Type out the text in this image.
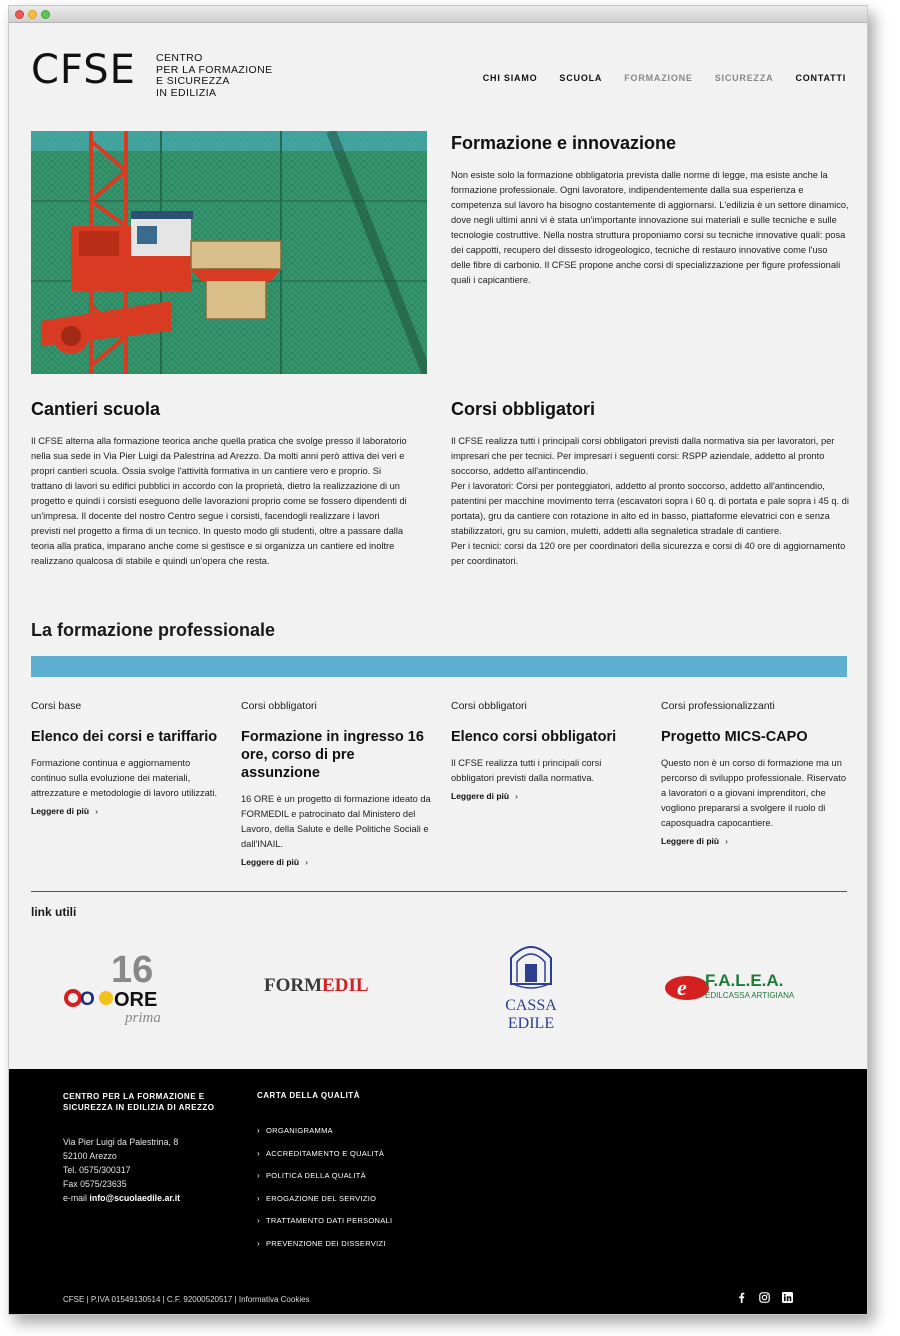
CFSE CENTRO
PER LA FORMAZIONE
E SICUREZZA
IN EDILIZIA
CHI SIAMO SCUOLA FORMAZIONE SICUREZZA CONTATTI
Formazione e innovazione
Non esiste solo la formazione obbligatoria prevista dalle norme di legge, ma esiste anche la formazione professionale. Ogni lavoratore, indipendentemente dalla sua esperienza e competenza sul lavoro ha bisogno costantemente di aggiornarsi. L'edilizia è un settore dinamico, dove negli ultimi anni vi è stata un'importante innovazione sui materiali e sulle tecniche e sulle tecnologie costruttive. Nella nostra struttura proponiamo corsi su tecniche innovative quali: posa dei cappotti, recupero del dissesto idrogeologico, tecniche di restauro innovative come l'uso delle fibre di carbonio. Il CFSE propone anche corsi di specializzazione per figure professionali quali i capicantiere.
Cantieri scuola
Il CFSE alterna alla formazione teorica anche quella pratica che svolge presso il laboratorio nella sua sede in Via Pier Luigi da Palestrina ad Arezzo. Da molti anni però attiva dei veri e propri cantieri scuola. Ossia svolge l'attività formativa in un cantiere vero e proprio. Si trattano di lavori su edifici pubblici in accordo con la proprietà, dietro la realizzazione di un progetto e quindi i corsisti eseguono delle lavorazioni proprio come se fossero dipendenti di un'impresa. Il docente del nostro Centro segue i corsisti, facendogli realizzare i lavori previsti nel progetto a firma di un tecnico. In questo modo gli studenti, oltre a passare dalla teoria alla pratica, imparano anche come si gestisce e si organizza un cantiere ed inoltre realizzano qualcosa di stabile e quindi un'opera che resta.
Corsi obbligatori
Il CFSE realizza tutti i principali corsi obbligatori previsti dalla normativa sia per lavoratori, per impresari che per tecnici. Per impresari i seguenti corsi: RSPP aziendale, addetto al pronto soccorso, addetto all'antincendio.
Per i lavoratori: Corsi per ponteggiatori, addetto al pronto soccorso, addetto all'antincendio, patentini per macchine movimento terra (escavatori sopra i 60 q. di portata e pale sopra i 45 q. di portata), gru da cantiere con rotazione in alto ed in basso, piattaforme elevatrici con e senza stabilizzatori, gru su camion, muletti, addetti alla segnaletica stradale di cantiere.
Per i tecnici: corsi da 120 ore per coordinatori della sicurezza e corsi di 40 ore di aggiornamento per coordinatori.
La formazione professionale
Corsi base
Elenco dei corsi e tariffario
Formazione continua e aggiornamento continuo sulla evoluzione dei materiali, attrezzature e metodologie di lavoro utilizzati.
Leggere di più ›
Corsi obbligatori
Formazione in ingresso 16 ore, corso di pre assunzione
16 ORE è un progetto di formazione ideato da FORMEDIL e patrocinato dal Ministero del Lavoro, della Salute e delle Politiche Sociali e dall'INAIL.
Leggere di più ›
Corsi obbligatori
Elenco corsi obbligatori
Il CFSE realizza tutti i principali corsi obbligatori previsti dalla normativa.
Leggere di più ›
Corsi professionalizzanti
Progetto MICS-CAPO
Questo non è un corso di formazione ma un percorso di sviluppo professionale. Riservato a lavoratori o a giovani imprenditori, che vogliono prepararsi a svolgere il ruolo di caposquadra capocantiere.
Leggere di più ›
link utili
16
O ORE
prima
FORMEDIL
CASSA
EDILE
e F.A.L.E.A.
EDILCASSA ARTIGIANA
CENTRO PER LA FORMAZIONE E SICUREZZA IN EDILIZIA DI AREZZO
Via Pier Luigi da Palestrina, 8
52100 Arezzo
Tel. 0575/300317
Fax 0575/23635
e-mail info@scuolaedile.ar.it
CARTA DELLA QUALITÀ
› ORGANIGRAMMA
› ACCREDITAMENTO E QUALITÀ
› POLITICA DELLA QUALITÀ
› EROGAZIONE DEL SERVIZIO
› TRATTAMENTO DATI PERSONALI
› PREVENZIONE DEI DISSERVIZI
CFSE | P.IVA 01549130514 | C.F. 92000520517 | Informativa Cookies
